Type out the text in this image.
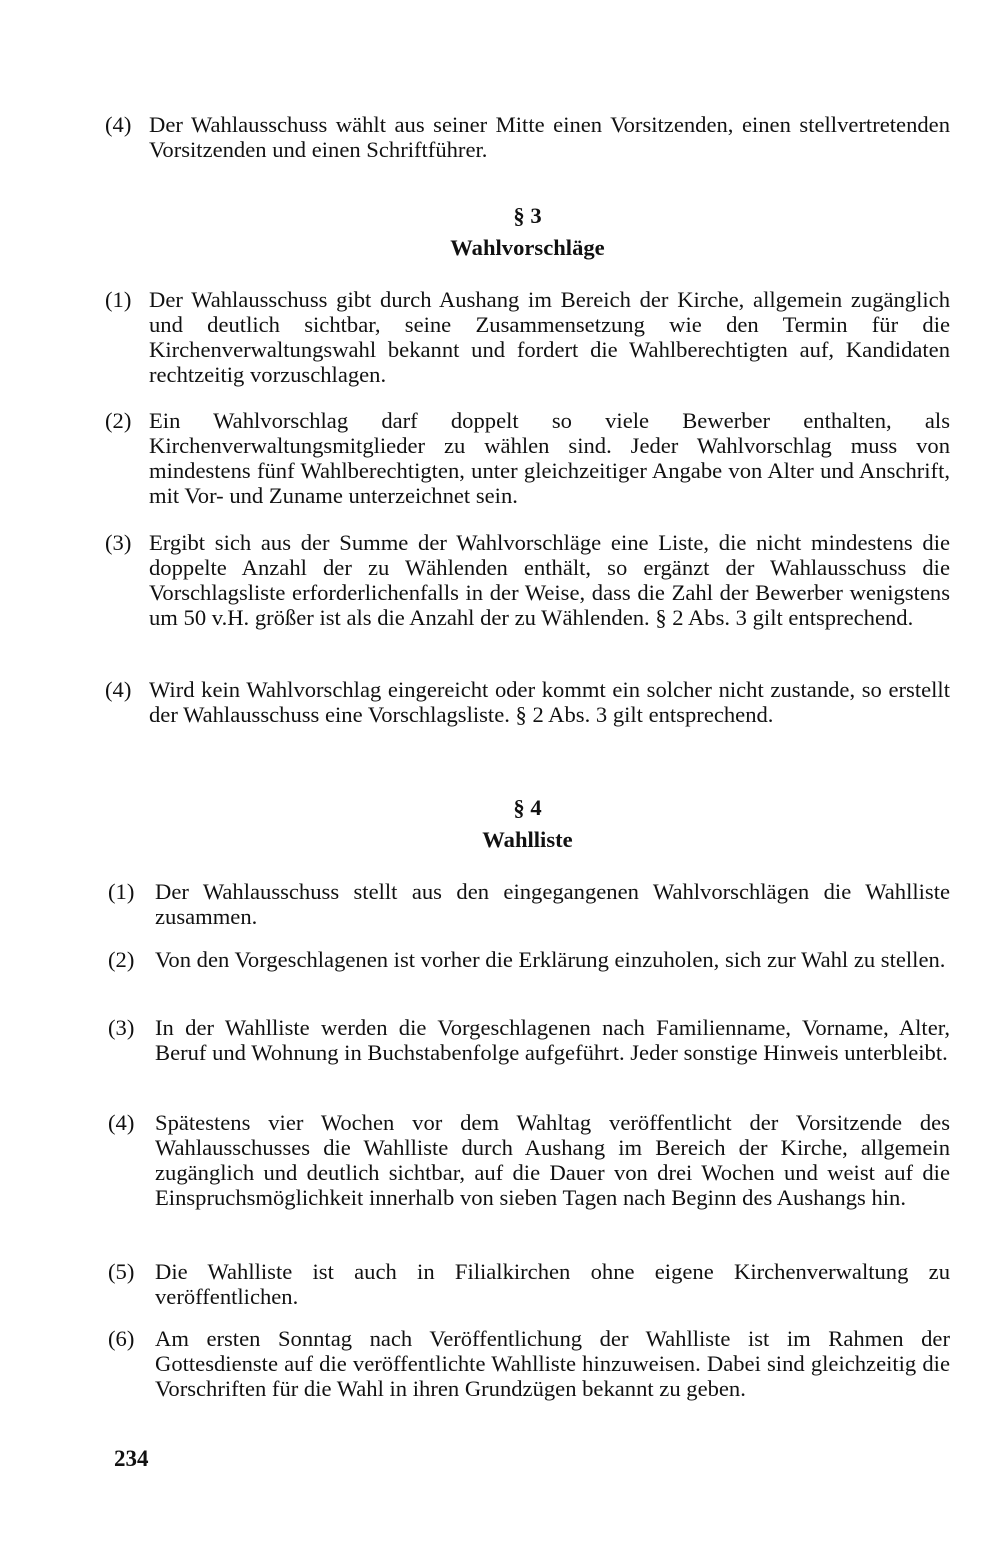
(4) Der Wahlausschuss wählt aus seiner Mitte einen Vorsitzenden, einen stellvertretenden Vorsitzenden und einen Schriftführer.
§ 3
Wahlvorschläge
(1) Der Wahlausschuss gibt durch Aushang im Bereich der Kirche, allgemein zugänglich und deutlich sichtbar, seine Zusammensetzung wie den Termin für die Kirchenverwaltungswahl bekannt und fordert die Wahlberechtigten auf, Kandidaten rechtzeitig vorzuschlagen.
(2) Ein Wahlvorschlag darf doppelt so viele Bewerber enthalten, als Kirchenverwaltungsmitglieder zu wählen sind. Jeder Wahlvorschlag muss von mindestens fünf Wahlberechtigten, unter gleichzeitiger Angabe von Alter und Anschrift, mit Vor- und Zuname unterzeichnet sein.
(3) Ergibt sich aus der Summe der Wahlvorschläge eine Liste, die nicht mindestens die doppelte Anzahl der zu Wählenden enthält, so ergänzt der Wahlausschuss die Vorschlagsliste erforderlichenfalls in der Weise, dass die Zahl der Bewerber wenigstens um 50 v.H. größer ist als die Anzahl der zu Wählenden. § 2 Abs. 3 gilt entsprechend.
(4) Wird kein Wahlvorschlag eingereicht oder kommt ein solcher nicht zustande, so erstellt der Wahlausschuss eine Vorschlagsliste. § 2 Abs. 3 gilt entsprechend.
§ 4
Wahlliste
(1) Der Wahlausschuss stellt aus den eingegangenen Wahlvorschlägen die Wahlliste zusammen.
(2) Von den Vorgeschlagenen ist vorher die Erklärung einzuholen, sich zur Wahl zu stellen.
(3) In der Wahlliste werden die Vorgeschlagenen nach Familienname, Vorname, Alter, Beruf und Wohnung in Buchstabenfolge aufgeführt. Jeder sonstige Hinweis unterbleibt.
(4) Spätestens vier Wochen vor dem Wahltag veröffentlicht der Vorsitzende des Wahlausschusses die Wahlliste durch Aushang im Bereich der Kirche, allgemein zugänglich und deutlich sichtbar, auf die Dauer von drei Wochen und weist auf die Einspruchsmöglichkeit innerhalb von sieben Tagen nach Beginn des Aushangs hin.
(5) Die Wahlliste ist auch in Filialkirchen ohne eigene Kirchenverwaltung zu veröffentlichen.
(6) Am ersten Sonntag nach Veröffentlichung der Wahlliste ist im Rahmen der Gottesdienste auf die veröffentlichte Wahlliste hinzuweisen. Dabei sind gleichzeitig die Vorschriften für die Wahl in ihren Grundzügen bekannt zu geben.
234
